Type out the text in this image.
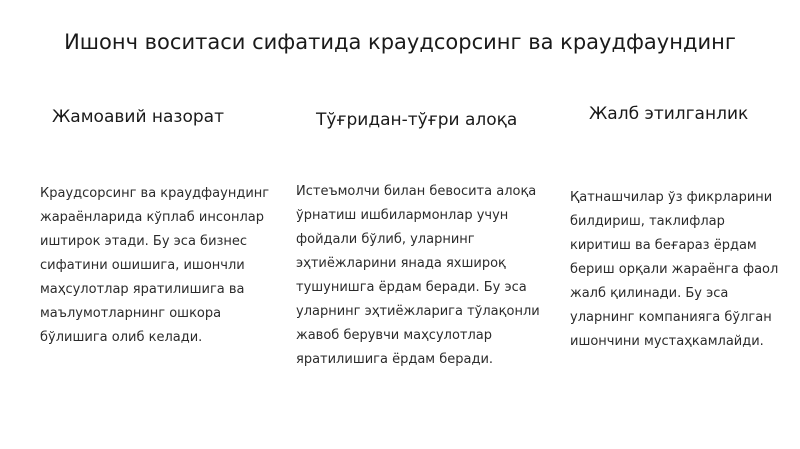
Ишонч воситаси сифатида краудсорсинг ва краудфаундинг
Жамоавий назорат

Краудсорсинг ва краудфаундинг жараёнларида кўплаб инсонлар иштирок этади. Бу эса бизнес сифатини ошишига, ишончли маҳсулотлар яратилишига ва маълумотларнинг ошкора бўлишига олиб келади.

Тўғридан-тўғри алоқа

Истеъмолчи билан бевосита алоқа ўрнатиш ишбилармонлар учун фойдали бўлиб, уларнинг эҳтиёжларини янада яхшироқ тушунишга ёрдам беради. Бу эса уларнинг эҳтиёжларига тўлақонли жавоб берувчи маҳсулотлар яратилишига ёрдам беради.

Жалб этилганлик

Қатнашчилар ўз фикрларини билдириш, таклифлар киритиш ва беғараз ёрдам бериш орқали жараёнга фаол жалб қилинади. Бу эса уларнинг компанияга бўлган ишончини мустаҳкамлайди.
